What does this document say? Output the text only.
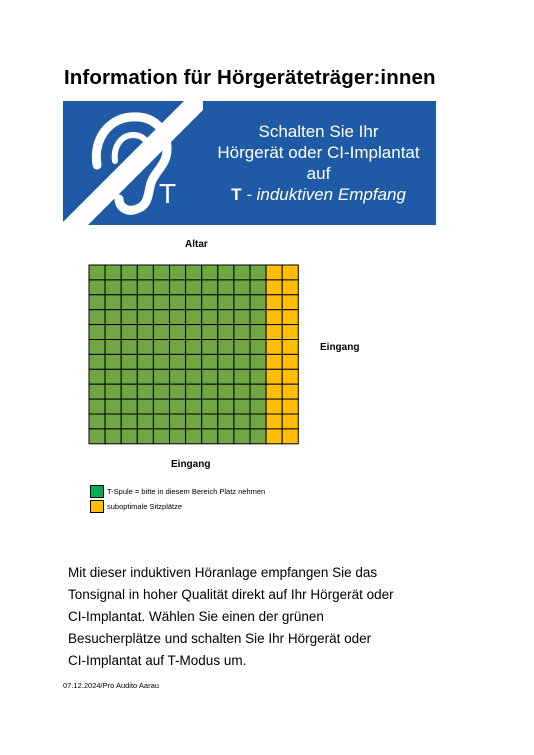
Information für Hörgeräteträger:innen
T
Schalten Sie Ihr
Hörgerät oder CI-Implantat
auf
T - induktiven Empfang

Altar

Eingang

Eingang

T-Spule = bitte in diesem Bereich Platz nehmen
suboptimale Sitzplätze
Mit dieser induktiven Höranlage empfangen Sie das
Tonsignal in hoher Qualität direkt auf Ihr Hörgerät oder
CI-Implantat. Wählen Sie einen der grünen
Besucherplätze und schalten Sie Ihr Hörgerät oder
CI-Implantat auf T-Modus um.

07.12.2024/Pro Audito Aarau
